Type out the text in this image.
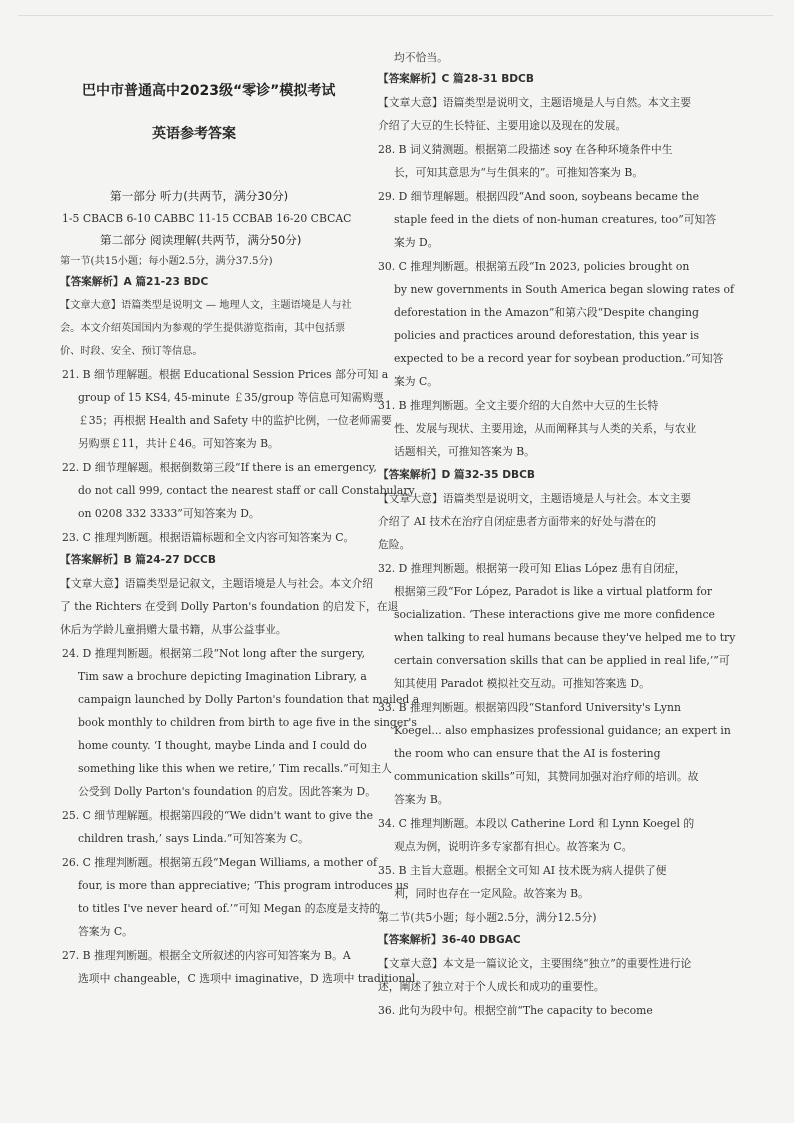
巴中市普通高中2023级“零诊”模拟考试
英语参考答案
第一部分 听力(共两节，满分30分)
1-5 CBACB 6-10 CABBC 11-15 CCBAB 16-20 CBCAC
第二部分 阅读理解(共两节，满分50分)
第一节(共15小题；每小题2.5分，满分37.5分)
【答案解析】A 篇21-23 BDC
【文章大意】语篇类型是说明文 — 地理人文，主题语境是人与社
会。本文介绍英国国内为参观的学生提供游览指南，其中包括票
价、时段、安全、预订等信息。
21. B 细节理解题。根据 Educational Session Prices 部分可知 a
group of 15 KS4, 45-minute ￡35/group 等信息可知需购票
￡35；再根据 Health and Safety 中的监护比例，一位老师需要
另购票￡11，共计￡46。可知答案为 B。
22. D 细节理解题。根据倒数第三段“If there is an emergency,
do not call 999, contact the nearest staff or call Constabulary
on 0208 332 3333”可知答案为 D。
23. C 推理判断题。根据语篇标题和全文内容可知答案为 C。
【答案解析】B 篇24-27 DCCB
【文章大意】语篇类型是记叙文，主题语境是人与社会。本文介绍
了 the Richters 在受到 Dolly Parton's foundation 的启发下，在退
休后为学龄儿童捐赠大量书籍，从事公益事业。
24. D 推理判断题。根据第二段“Not long after the surgery,
Tim saw a brochure depicting Imagination Library, a
campaign launched by Dolly Parton's foundation that mailed a
book monthly to children from birth to age five in the singer's
home county. ‘I thought, maybe Linda and I could do
something like this when we retire,’ Tim recalls.”可知主人
公受到 Dolly Parton's foundation 的启发。因此答案为 D。
25. C 细节理解题。根据第四段的“We didn't want to give the
children trash,’ says Linda.”可知答案为 C。
26. C 推理判断题。根据第五段“Megan Williams, a mother of
four, is more than appreciative; ‘This program introduces us
to titles I've never heard of.’”可知 Megan 的态度是支持的，
答案为 C。
27. B 推理判断题。根据全文所叙述的内容可知答案为 B。A
选项中 changeable，C 选项中 imaginative，D 选项中 traditional
均不恰当。
【答案解析】C 篇28-31 BDCB
【文章大意】语篇类型是说明文，主题语境是人与自然。本文主要
介绍了大豆的生长特征、主要用途以及现在的发展。
28. B 词义猜测题。根据第二段描述 soy 在各种环境条件中生
长，可知其意思为“与生俱来的”。可推知答案为 B。
29. D 细节理解题。根据四段“And soon, soybeans became the
staple feed in the diets of non-human creatures, too”可知答
案为 D。
30. C 推理判断题。根据第五段“In 2023, policies brought on
by new governments in South America began slowing rates of
deforestation in the Amazon”和第六段“Despite changing
policies and practices around deforestation, this year is
expected to be a record year for soybean production.”可知答
案为 C。
31. B 推理判断题。全文主要介绍的大自然中大豆的生长特
性、发展与现状、主要用途，从而阐释其与人类的关系，与农业
话题相关，可推知答案为 B。
【答案解析】D 篇32-35 DBCB
【文章大意】语篇类型是说明文，主题语境是人与社会。本文主要
介绍了 AI 技术在治疗自闭症患者方面带来的好处与潜在的
危险。
32. D 推理判断题。根据第一段可知 Elias López 患有自闭症，
根据第三段“For López, Paradot is like a virtual platform for
socialization. ‘These interactions give me more confidence
when talking to real humans because they've helped me to try
certain conversation skills that can be applied in real life,’”可
知其使用 Paradot 模拟社交互动。可推知答案选 D。
33. B 推理判断题。根据第四段“Stanford University's Lynn
Koegel... also emphasizes professional guidance; an expert in
the room who can ensure that the AI is fostering
communication skills”可知，其赞同加强对治疗师的培训。故
答案为 B。
34. C 推理判断题。本段以 Catherine Lord 和 Lynn Koegel 的
观点为例，说明许多专家都有担心。故答案为 C。
35. B 主旨大意题。根据全文可知 AI 技术既为病人提供了便
利，同时也存在一定风险。故答案为 B。
第二节(共5小题；每小题2.5分，满分12.5分)
【答案解析】36-40 DBGAC
【文章大意】本文是一篇议论文，主要围绕“独立”的重要性进行论
述，阐述了独立对于个人成长和成功的重要性。
36. 此句为段中句。根据空前“The capacity to become
